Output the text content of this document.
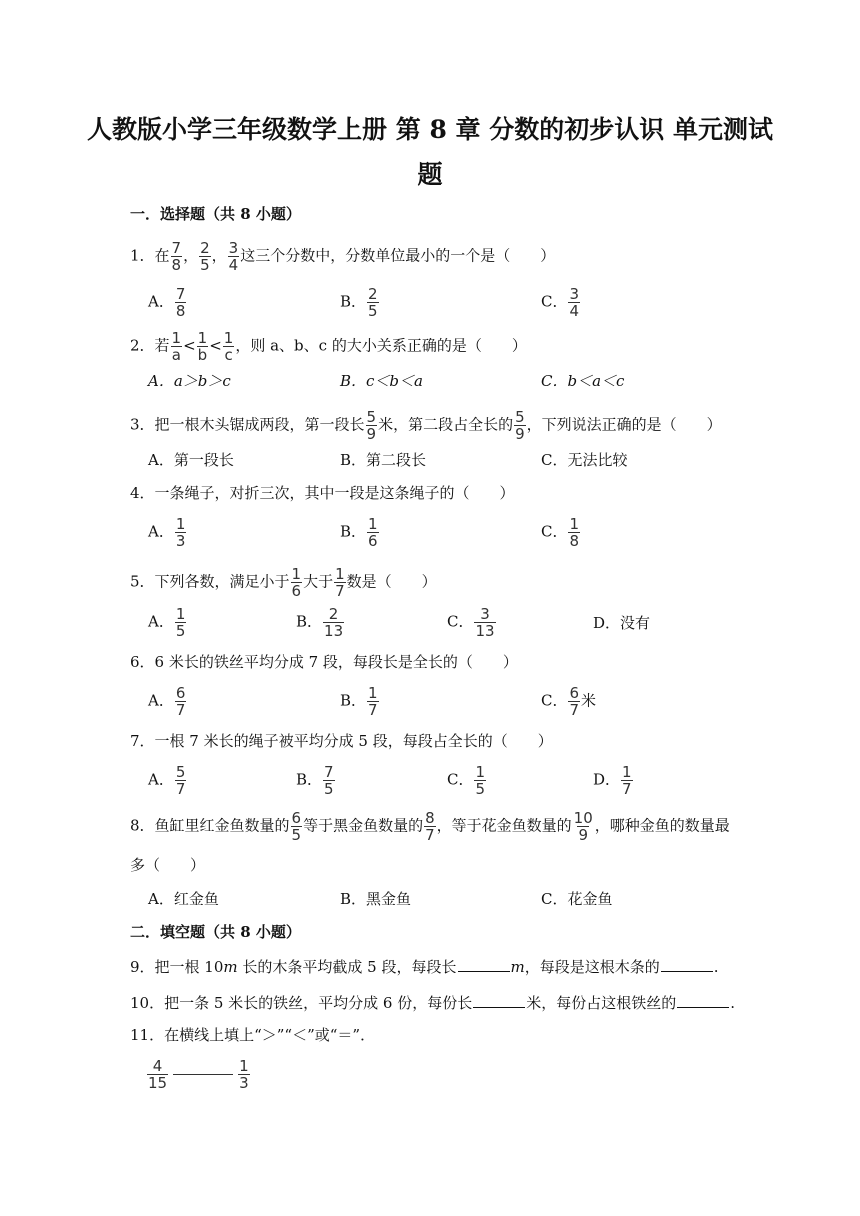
人教版小学三年级数学上册 第 8 章 分数的初步认识 单元测试
题
一．选择题（共 8 小题）
1．在 $\frac{7}{8}$ ， $\frac{2}{5}$ ， $\frac{3}{4}$ 这三个分数中，分数单位最小的一个是（　　）
A． $\frac{7}{8}$	B． $\frac{2}{5}$	C． $\frac{3}{4}$
2．若 $\frac{1}{a} < \frac{1}{b} < \frac{1}{c}$ ，则 a、b、c 的大小关系正确的是（　　）
A．a＞b＞c	B．c＜b＜a	C．b＜a＜c
3．把一根木头锯成两段，第一段长 $\frac{5}{9}$ 米，第二段占全长的 $\frac{5}{9}$ ，下列说法正确的是（　　）
A．第一段长	B．第二段长	C．无法比较
4．一条绳子，对折三次，其中一段是这条绳子的（　　）
A． $\frac{1}{3}$	B． $\frac{1}{6}$	C． $\frac{1}{8}$
5．下列各数，满足小于 $\frac{1}{6}$ 大于 $\frac{1}{7}$ 数是（　　）
A． $\frac{1}{5}$	B． $\frac{2}{13}$	C． $\frac{3}{13}$	D．没有
6．6 米长的铁丝平均分成 7 段，每段长是全长的（　　）
A． $\frac{6}{7}$	B． $\frac{1}{7}$	C． $\frac{6}{7}$ 米
7．一根 7 米长的绳子被平均分成 5 段，每段占全长的（　　）
A． $\frac{5}{7}$	B． $\frac{7}{5}$	C． $\frac{1}{5}$	D． $\frac{1}{7}$
8．鱼缸里红金鱼数量的 $\frac{6}{5}$ 等于黑金鱼数量的 $\frac{8}{7}$ ，等于花金鱼数量的 $\frac{10}{9}$ ，哪种金鱼的数量最
多（　　）
A．红金鱼	B．黑金鱼	C．花金鱼
二．填空题（共 8 小题）
9．把一根 10m 长的木条平均截成 5 段，每段长	m，每段是这根木条的	.
10．把一条 5 米长的铁丝，平均分成 6 份，每份长	米，每份占这根铁丝的	.
11．在横线上填上“＞”“＜”或“＝”．
$\frac{4}{15}$	$\frac{1}{3}$
